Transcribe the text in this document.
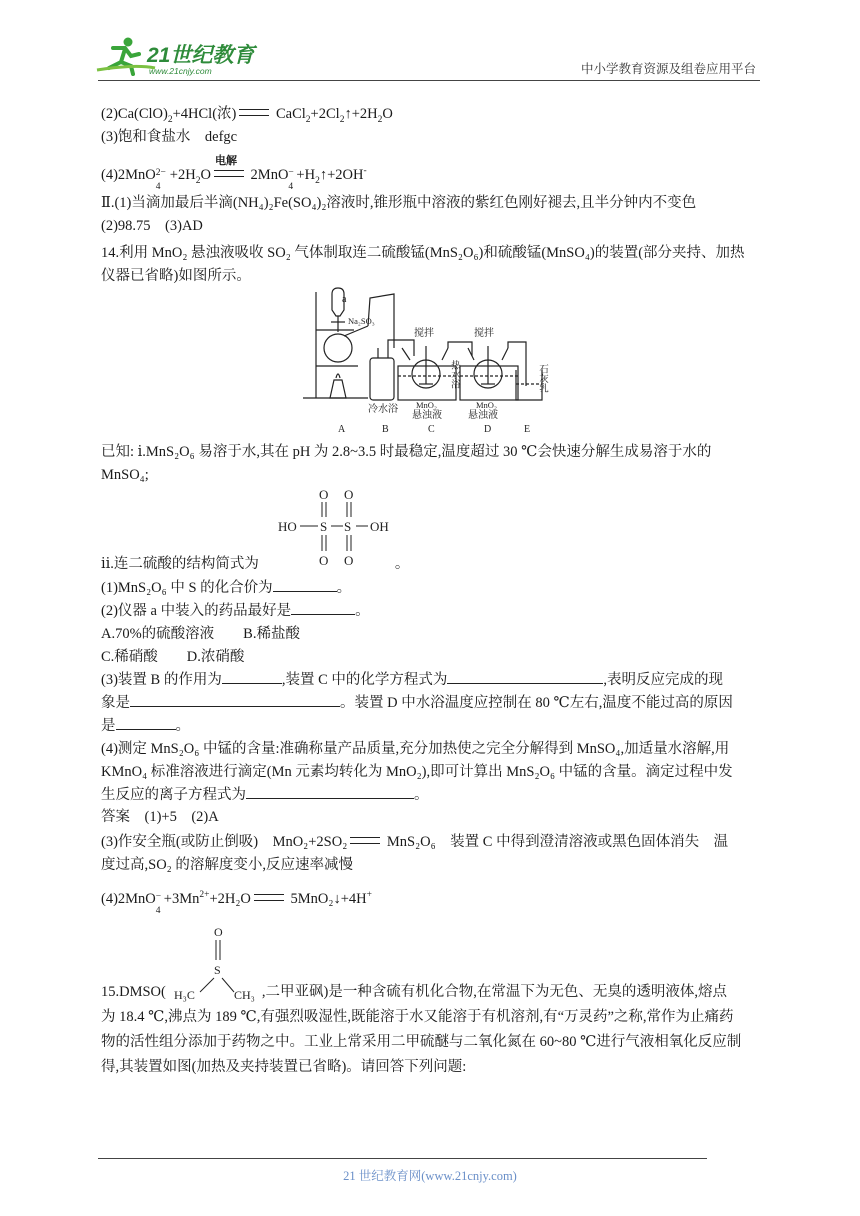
21世纪教育
www.21cnjy.com	中小学教育资源及组卷应用平台
$(2)Ca(ClO)_2+4HCl$(浓)	$CaCl_2+2Cl_2↑+2H_2O$
(3)饱和食盐水　defgc
电解
(4)2MnO 2−
4
$+2H_2O$	2MnO −
4
$+H_2↑+2OH^-$
Ⅱ.(1)当滴加最后半滴(NH₄)₂Fe(SO₄)₂溶液时,锥形瓶中溶液的紫红色刚好褪去,且半分钟内不变色
(2)98.75　(3)AD
14.利用 MnO₂ 悬浊液吸收 SO₂ 气体制取连二硫酸锰(MnS₂O₆)和硫酸锰(MnSO₄)的装置(部分夹持、加热
仪器已省略)如图所示。
a
Na₂SO₃
搅拌	搅拌
石灰乳
热水浴
冷水浴 MnO₂
悬浊液
MnO₂
悬浊液
A	B	C	D	E
已知: ⅰ.MnS₂O₆ 易溶于水,其在 pH 为 2.8~3.5 时最稳定,温度超过 30 ℃会快速分解生成易溶于水的
MnSO₄;
O O
HO S S OH
O O
ⅱ.连二硫酸的结构简式为	。
(1)MnS₂O₆ 中 S 的化合价为	。
(2)仪器 a 中装入的药品最好是	。
A.70%的硫酸溶液　　B.稀盐酸
C.稀硝酸　　D.浓硝酸
(3)装置 B 的作用为	,装置 C 中的化学方程式为	,表明反应完成的现
象是	。装置 D 中水浴温度应控制在 80 ℃左右,温度不能过高的原因
是	。
(4)测定 MnS₂O₆ 中锰的含量:准确称量产品质量,充分加热使之完全分解得到 MnSO₄,加适量水溶解,用
KMnO₄ 标准溶液进行滴定(Mn 元素均转化为 MnO₂),即可计算出 MnS₂O₆ 中锰的含量。滴定过程中发
生反应的离子方程式为	。
答案　(1)+5　(2)A
(3)作安全瓶(或防止倒吸)　MnO₂+2SO₂	MnS₂O₆　装置 C 中得到澄清溶液或黑色固体消失　温
度过高,SO₂ 的溶解度变小,反应速率减慢
(4)2MnO −
4
$+3Mn^{2+}+2H_2O$	5MnO₂↓+4H+
O
S
H₃C	CH₃
15.DMSO(	,二甲亚砜)是一种含硫有机化合物,在常温下为无色、无臭的透明液体,熔点
为 18.4 ℃,沸点为 189 ℃,有强烈吸湿性,既能溶于水又能溶于有机溶剂,有“万灵药”之称,常作为止痛药
物的活性组分添加于药物之中。工业上常采用二甲硫醚与二氧化氮在 60~80 ℃进行气液相氧化反应制
得,其装置如图(加热及夹持装置已省略)。请回答下列问题:
21 世纪教育网(www.21cnjy.com)
